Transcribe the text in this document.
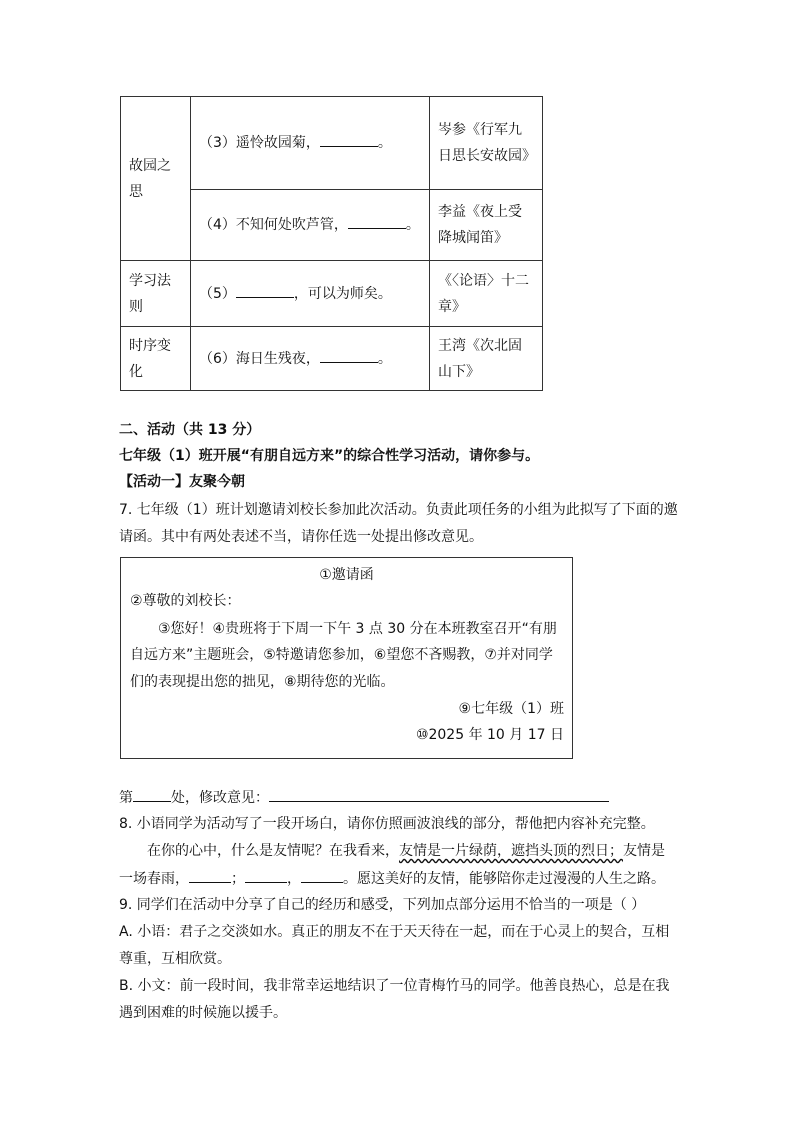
故园之思	（3）遥怜故园菊， 。	岑参《行军九日思长安故园》
	（4）不知何处吹芦管， 。	李益《夜上受降城闻笛》
学习法则	（5） ，可以为师矣。	《〈论语〉十二章》
时序变化	（6）海日生残夜， 。	王湾《次北固山下》
二、活动（共 13 分）
七年级（1）班开展“有朋自远方来”的综合性学习活动，请你参与。
【活动一】友聚今朝
7. 七年级（1）班计划邀请刘校长参加此次活动。负责此项任务的小组为此拟写了下面的邀
请函。其中有两处表述不当，请你任选一处提出修改意见。
①邀请函
②尊敬的刘校长：
③您好！④贵班将于下周一下午 3 点 30 分在本班教室召开“有朋
自远方来”主题班会，⑤特邀请您参加，⑥望您不吝赐教，⑦并对同学
们的表现提出您的拙见，⑧期待您的光临。
⑨七年级（1）班
⑩2025 年 10 月 17 日
第	处，修改意见：
8. 小语同学为活动写了一段开场白，请你仿照画波浪线的部分，帮他把内容补充完整。
在你的心中，什么是友情呢？在我看来，友情是一片绿荫，遮挡头顶的烈日；友情是
一场春雨，	；	，	。愿这美好的友情，能够陪你走过漫漫的人生之路。
9. 同学们在活动中分享了自己的经历和感受，下列加点部分运用不恰当的一项是（ ）
A. 小语：君子之交淡如水。真正的朋友不在于天天待在一起，而在于心灵上的契合，互相
尊重，互相欣赏。
B. 小文：前一段时间，我非常幸运地结识了一位青梅竹马的同学。他善良热心，总是在我
遇到困难的时候施以援手。
